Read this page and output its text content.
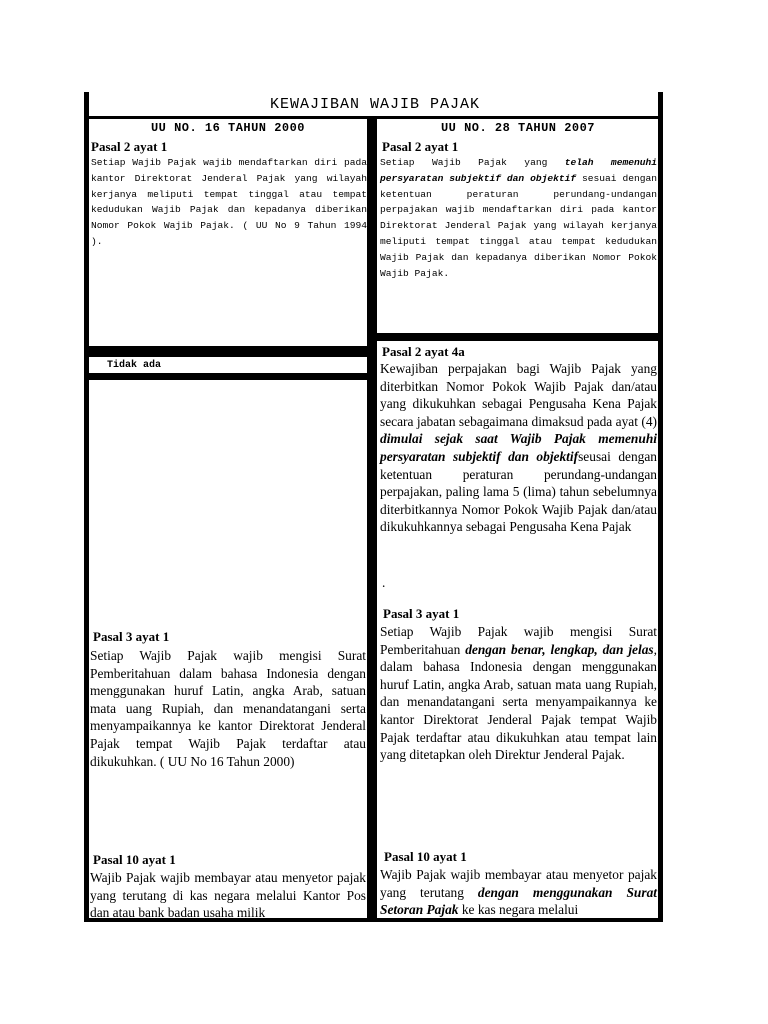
KEWAJIBAN WAJIB PAJAK
UU NO. 16 TAHUN 2000	UU NO. 28 TAHUN 2007
Pasal 2 ayat 1

Setiap Wajib Pajak wajib mendaftarkan diri pada kantor Direktorat Jenderal Pajak yang wilayah kerjanya meliputi tempat tinggal atau tempat kedudukan Wajib Pajak dan kepadanya diberikan Nomor Pokok Wajib Pajak. ( UU No 9 Tahun 1994 ).

Tidak ada
Pasal 3 ayat 1

Setiap Wajib Pajak wajib mengisi Surat Pemberitahuan dalam bahasa Indonesia dengan menggunakan huruf Latin, angka Arab, satuan mata uang Rupiah, dan menandatangani serta menyampaikannya ke kantor Direktorat Jenderal Pajak tempat Wajib Pajak terdaftar atau dikukuhkan. ( UU No 16 Tahun 2000)

Pasal 10 ayat 1

Wajib Pajak wajib membayar atau menyetor pajak yang terutang di kas negara melalui Kantor Pos dan atau bank badan usaha milik

Pasal 2 ayat 1

Setiap Wajib Pajak yang telah memenuhi persyaratan subjektif dan objektif sesuai dengan ketentuan peraturan perundang-undangan perpajakan wajib mendaftarkan diri pada kantor Direktorat Jenderal Pajak yang wilayah kerjanya meliputi tempat tinggal atau tempat kedudukan Wajib Pajak dan kepadanya diberikan Nomor Pokok Wajib Pajak.

Pasal 2 ayat 4a

Kewajiban perpajakan bagi Wajib Pajak yang diterbitkan Nomor Pokok Wajib Pajak dan/atau yang dikukuhkan sebagai Pengusaha Kena Pajak secara jabatan sebagaimana dimaksud pada ayat (4) dimulai sejak saat Wajib Pajak memenuhi persyaratan subjektif dan objektifseusai dengan ketentuan peraturan perundang-undangan perpajakan, paling lama 5 (lima) tahun sebelumnya diterbitkannya Nomor Pokok Wajib Pajak dan/atau dikukuhkannya sebagai Pengusaha Kena Pajak

.
Pasal 3 ayat 1

Setiap Wajib Pajak wajib mengisi Surat Pemberitahuan dengan benar, lengkap, dan jelas, dalam bahasa Indonesia dengan menggunakan huruf Latin, angka Arab, satuan mata uang Rupiah, dan menandatangani serta menyampaikannya ke kantor Direktorat Jenderal Pajak tempat Wajib Pajak terdaftar atau dikukuhkan atau tempat lain yang ditetapkan oleh Direktur Jenderal Pajak.

Pasal 10 ayat 1

Wajib Pajak wajib membayar atau menyetor pajak yang terutang dengan menggunakan Surat Setoran Pajak ke kas negara melalui
